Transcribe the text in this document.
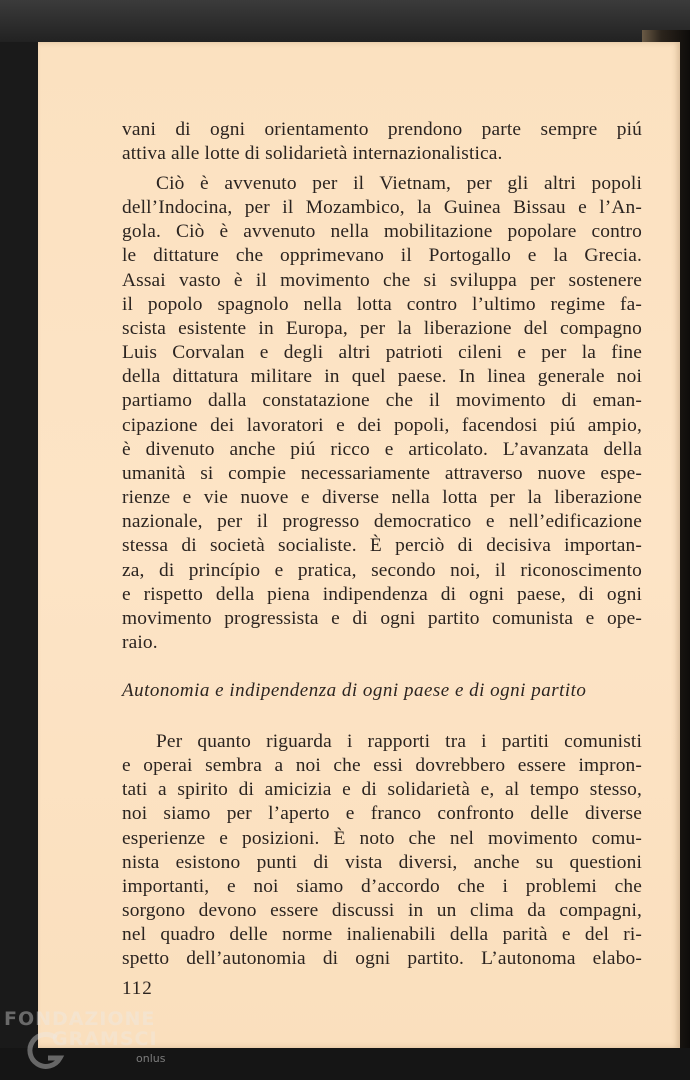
vani di ogni orientamento prendono parte sempre piú
attiva alle lotte di solidarietà internazionalistica.

Ciò è avvenuto per il Vietnam, per gli altri popoli
dell’Indocina, per il Mozambico, la Guinea Bissau e l’An-
gola. Ciò è avvenuto nella mobilitazione popolare contro
le dittature che opprimevano il Portogallo e la Grecia.
Assai vasto è il movimento che si sviluppa per sostenere
il popolo spagnolo nella lotta contro l’ultimo regime fa-
scista esistente in Europa, per la liberazione del compagno
Luis Corvalan e degli altri patrioti cileni e per la fine
della dittatura militare in quel paese. In linea generale noi
partiamo dalla constatazione che il movimento di eman-
cipazione dei lavoratori e dei popoli, facendosi piú ampio,
è divenuto anche piú ricco e articolato. L’avanzata della
umanità si compie necessariamente attraverso nuove espe-
rienze e vie nuove e diverse nella lotta per la liberazione
nazionale, per il progresso democratico e nell’edificazione
stessa di società socialiste. È perciò di decisiva importan-
za, di princípio e pratica, secondo noi, il riconoscimento
e rispetto della piena indipendenza di ogni paese, di ogni
movimento progressista e di ogni partito comunista e ope-
raio.

Autonomia e indipendenza di ogni paese e di ogni partito

Per quanto riguarda i rapporti tra i partiti comunisti
e operai sembra a noi che essi dovrebbero essere impron-
tati a spirito di amicizia e di solidarietà e, al tempo stesso,
noi siamo per l’aperto e franco confronto delle diverse
esperienze e posizioni. È noto che nel movimento comu-
nista esistono punti di vista diversi, anche su questioni
importanti, e noi siamo d’accordo che i problemi che
sorgono devono essere discussi in un clima da compagni,
nel quadro delle norme inalienabili della parità e del ri-
spetto dell’autonomia di ogni partito. L’autonoma elabo-

112
FONDAZIONE
GRAMSCI
onlus
